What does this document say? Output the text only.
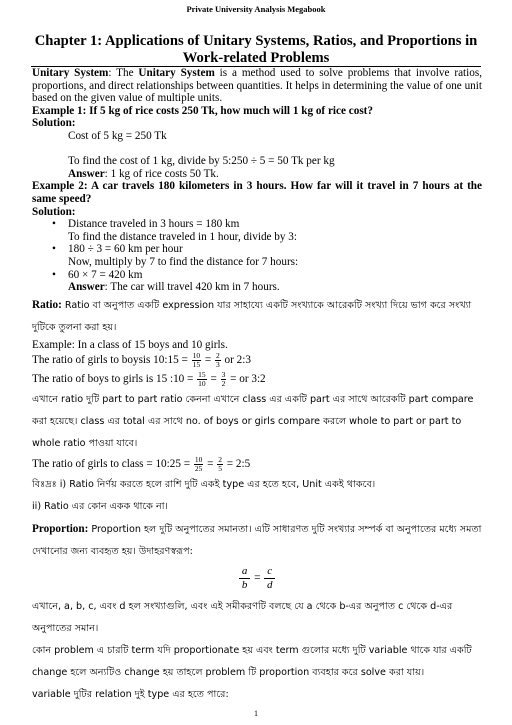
Private University Analysis Megabook
Chapter 1: Applications of Unitary Systems, Ratios, and Proportions in Work-related Problems

Unitary System: The Unitary System is a method used to solve problems that involve ratios, proportions, and direct relationships between quantities. It helps in determining the value of one unit based on the given value of multiple units.

Example 1: If 5 kg of rice costs 250 Tk, how much will 1 kg of rice cost?

Solution:

Cost of 5 kg = 250 Tk

To find the cost of 1 kg, divide by 5:250 ÷ 5 = 50 Tk per kg

Answer: 1 kg of rice costs 50 Tk.

Example 2: A car travels 180 kilometers in 3 hours. How far will it travel in 7 hours at the same speed?

Solution:

• Distance traveled in 3 hours = 180 km
To find the distance traveled in 1 hour, divide by 3:
• 180 ÷ 3 = 60 km per hour
Now, multiply by 7 to find the distance for 7 hours:
• 60 × 7 = 420 km
Answer: The car will travel 420 km in 7 hours.

Ratio: Ratio বা অনুপাত একটি expression যার সাহায্যে একটি সংখ্যাকে আরেকটি সংখ্যা দিয়ে ভাগ করে সংখ্যা দুটিকে তুলনা করা হয়।

Example: In a class of 15 boys and 10 girls.

The ratio of girls to boysis 10:15 = $\frac{10}{15} = \frac{2}{3}$ or 2:3

The ratio of boys to girls is 15 :10 = $\frac{15}{10} = \frac{3}{2}$ = or 3:2

এখানে ratio দুটি part to part ratio কেননা এখানে class এর একটি part এর সাথে আরেকটি part compare করা হয়েছে। class এর total এর সাথে no. of boys or girls compare করলে whole to part or part to whole ratio পাওয়া যাবে।

The ratio of girls to class = 10:25 = $\frac{10}{25} = \frac{2}{5}$ = 2:5

বিঃদ্রঃ i) Ratio নির্ণয় করতে হলে রাশি দুটি একই type এর হতে হবে, Unit একই থাকবে।

ii) Ratio এর কোন একক থাকে না।

Proportion: Proportion হল দুটি অনুপাতের সমানতা। এটি সাধারণত দুটি সংখ্যার সম্পর্ক বা অনুপাতের মধ্যে সমতা দেখানোর জন্য ব্যবহৃত হয়। উদাহরণস্বরূপ:

$\frac{a}{b} = \frac{c}{d}$

এখানে, a, b, c, এবং d হল সংখ্যাগুলি, এবং এই সমীকরণটি বলছে যে a থেকে b-এর অনুপাত c থেকে d-এর অনুপাতের সমান।

কোন problem এ চারটি term যদি proportionate হয় এবং term গুলোর মধ্যে দুটি variable থাকে যার একটি change হলে অন্যটিও change হয় তাহলে problem টি proportion ব্যবহার করে solve করা যায়।

variable দুটির relation দুই type এর হতে পারে:

1
